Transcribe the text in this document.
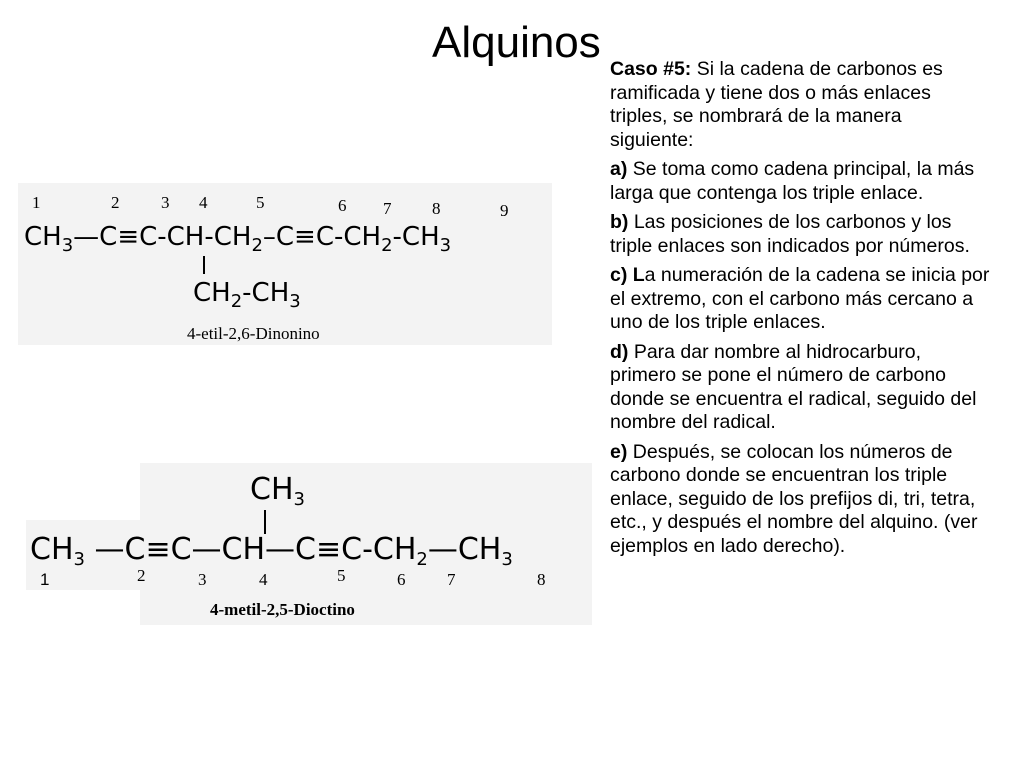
Alquinos

Caso #5: Si la cadena de carbonos es ramificada y tiene dos o más enlaces triples, se nombrará de la manera siguiente:

a) Se toma como cadena principal, la más larga que contenga los triple enlace.

b) Las posiciones de los carbonos y los triple enlaces son indicados por números.

c) La numeración de la cadena se inicia por el extremo, con el carbono más cercano a uno de los triple enlaces.

d) Para dar nombre al hidrocarburo, primero se pone el número de carbono donde se encuentra el radical, seguido del nombre del radical.

e) Después, se colocan los números de carbono donde se encuentran los triple enlace, seguido de los prefijos di, tri, tetra, etc., y después el nombre del alquino. (ver ejemplos en lado derecho).

1	2 3 4	5	6 7 8	9
$CH_3—C\equiv C-CH-CH_2-C\equiv C-CH_2-CH_3$
$CH_2-CH_3$
4-etil-2,6-Dinonino
$CH_3$
$CH_3$ $—C\equiv C—CH—C\equiv C-CH_2—CH_3$
1	2	3	4	5	6 7	8
4-metil-2,5-Dioctino
